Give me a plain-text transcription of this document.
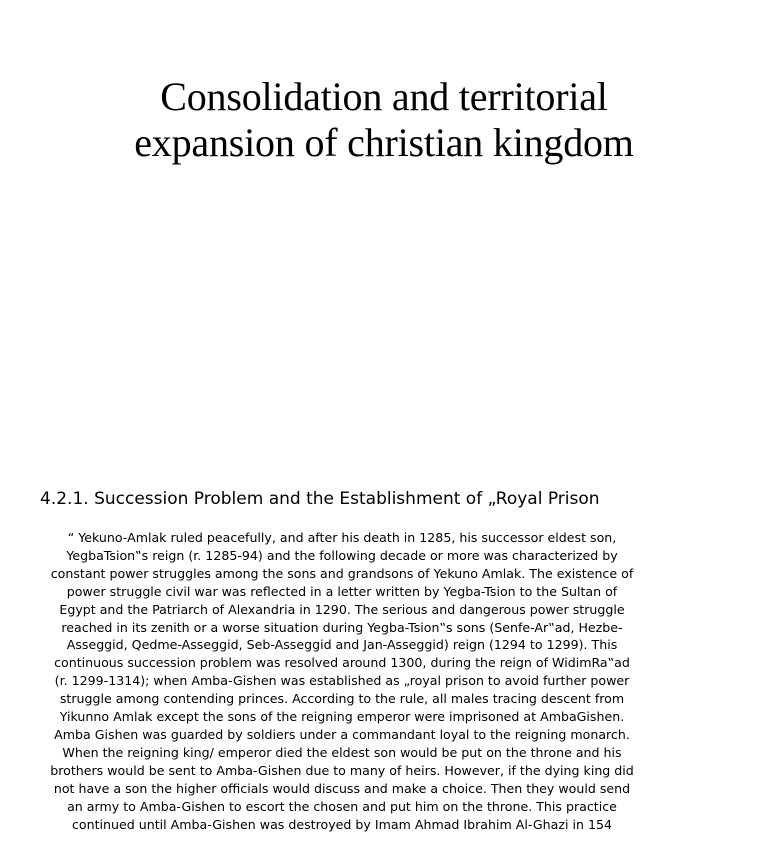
Consolidation and territorial
expansion of christian kingdom
4.2.1. Succession Problem and the Establishment of „Royal Prison

“ Yekuno-Amlak ruled peacefully, and after his death in 1285, his successor eldest son,
YegbaTsion‟s reign (r. 1285-94) and the following decade or more was characterized by
constant power struggles among the sons and grandsons of Yekuno Amlak. The existence of
power struggle civil war was reflected in a letter written by Yegba-Tsion to the Sultan of
Egypt and the Patriarch of Alexandria in 1290. The serious and dangerous power struggle
reached in its zenith or a worse situation during Yegba-Tsion‟s sons (Senfe-Ar‟ad, Hezbe-
Asseggid, Qedme-Asseggid, Seb-Asseggid and Jan-Asseggid) reign (1294 to 1299). This
continuous succession problem was resolved around 1300, during the reign of WidimRa‟ad
(r. 1299-1314); when Amba-Gishen was established as „royal prison to avoid further power
struggle among contending princes. According to the rule, all males tracing descent from
Yikunno Amlak except the sons of the reigning emperor were imprisoned at AmbaGishen.
Amba Gishen was guarded by soldiers under a commandant loyal to the reigning monarch.
When the reigning king/ emperor died the eldest son would be put on the throne and his
brothers would be sent to Amba-Gishen due to many of heirs. However, if the dying king did
not have a son the higher officials would discuss and make a choice. Then they would send
an army to Amba-Gishen to escort the chosen and put him on the throne. This practice
continued until Amba-Gishen was destroyed by Imam Ahmad Ibrahim Al-Ghazi in 154
